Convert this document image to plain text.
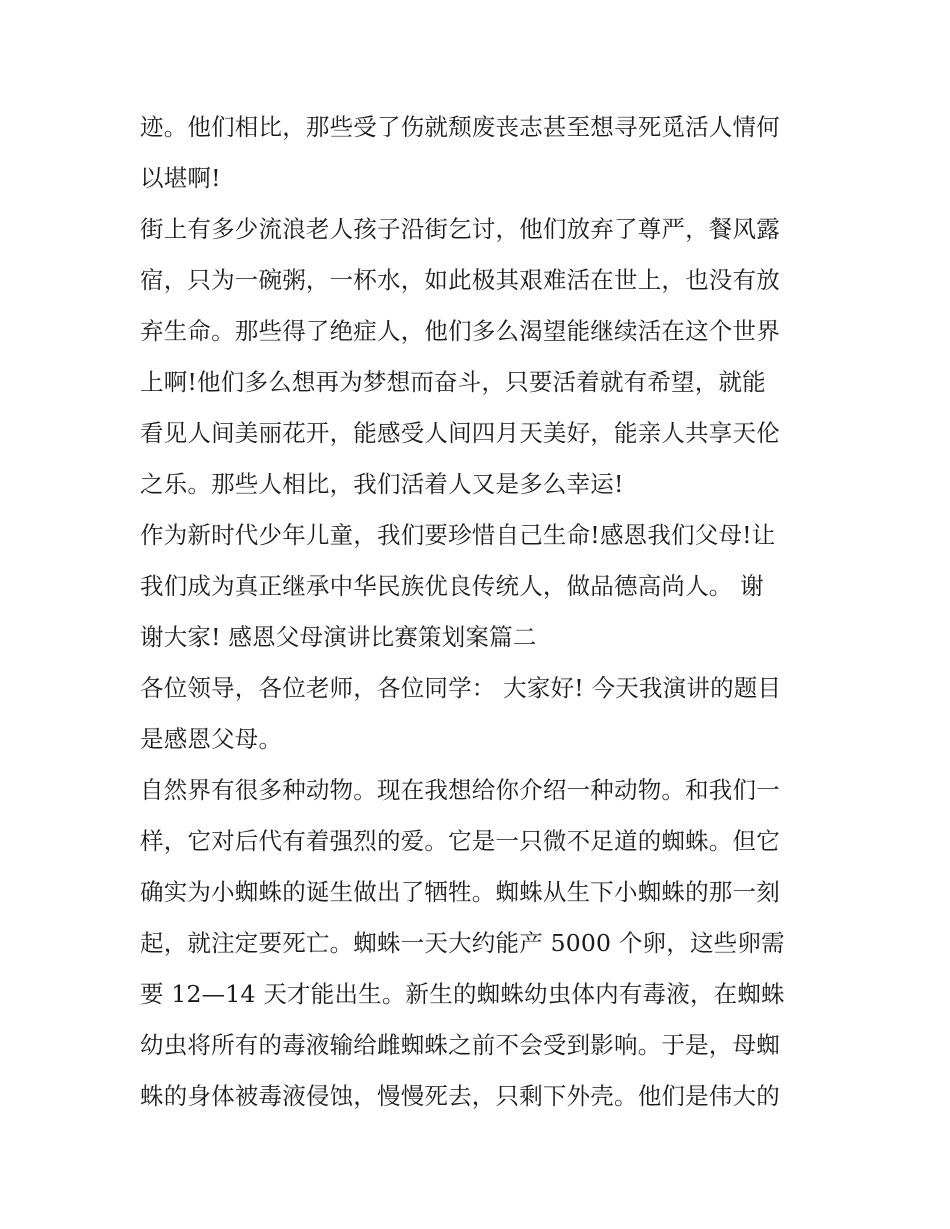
迹。他们相比，那些受了伤就颓废丧志甚至想寻死觅活人情何
以堪啊!

街上有多少流浪老人孩子沿街乞讨，他们放弃了尊严，餐风露
宿，只为一碗粥，一杯水，如此极其艰难活在世上，也没有放
弃生命。那些得了绝症人，他们多么渴望能继续活在这个世界
上啊!他们多么想再为梦想而奋斗，只要活着就有希望，就能
看见人间美丽花开，能感受人间四月天美好，能亲人共享天伦
之乐。那些人相比，我们活着人又是多么幸运!

作为新时代少年儿童，我们要珍惜自己生命!感恩我们父母!让
我们成为真正继承中华民族优良传统人，做品德高尚人。 谢
谢大家! 感恩父母演讲比赛策划案篇二

各位领导，各位老师，各位同学： 大家好! 今天我演讲的题目
是感恩父母。

自然界有很多种动物。现在我想给你介绍一种动物。和我们一
样，它对后代有着强烈的爱。它是一只微不足道的蜘蛛。但它
确实为小蜘蛛的诞生做出了牺牲。蜘蛛从生下小蜘蛛的那一刻
起，就注定要死亡。蜘蛛一天大约能产 5000 个卵，这些卵需
要 12—14 天才能出生。新生的蜘蛛幼虫体内有毒液，在蜘蛛
幼虫将所有的毒液输给雌蜘蛛之前不会受到影响。于是，母蜘
蛛的身体被毒液侵蚀，慢慢死去，只剩下外壳。他们是伟大的
